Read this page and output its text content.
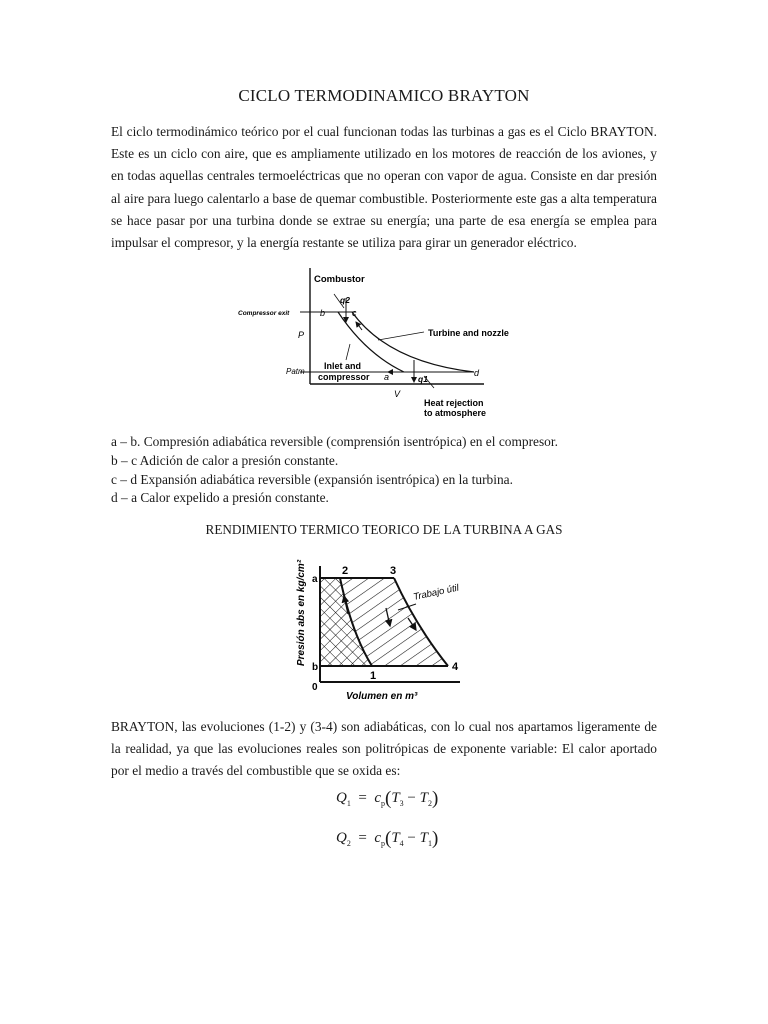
CICLO TERMODINAMICO BRAYTON

El ciclo termodinámico teórico por el cual funcionan todas las turbinas a gas es el Ciclo BRAYTON. Este es un ciclo con aire, que es ampliamente utilizado en los motores de reacción de los aviones, y en todas aquellas centrales termoeléctricas que no operan con vapor de agua. Consiste en dar presión al aire para luego calentarlo a base de quemar combustible. Posteriormente este gas a alta temperatura se hace pasar por una turbina donde se extrae su energía; una parte de esa energía se emplea para impulsar el compresor, y la energía restante se utiliza para girar un generador eléctrico.

Combustor
q2
Compressor exit	b	c
P	Turbine and nozzle
Patm
Inlet and
compressor a	q1
d
V
Heat rejection
to atmosphere
a – b. Compresión adiabática reversible (comprensión isentrópica) en el compresor.
b – c Adición de calor a presión constante.
c – d Expansión adiabática reversible (expansión isentrópica) en la turbina.
d – a Calor expelido a presión constante.
RENDIMIENTO TERMICO TEORICO DE LA TURBINA A GAS
Presión abs en kg/cm²
Volumen en m³
2	3
4
1
a
b
0
Trabajo útil

BRAYTON, las evoluciones (1-2) y (3-4) son adiabáticas, con lo cual nos apartamos ligeramente de la realidad, ya que las evoluciones reales son politrópicas de exponente variable: El calor aportado por el medio a través del combustible que se oxida es:

$Q_1 = c_p(T_3 - T_2)$
$Q_2 = c_p(T_4 - T_1)$
